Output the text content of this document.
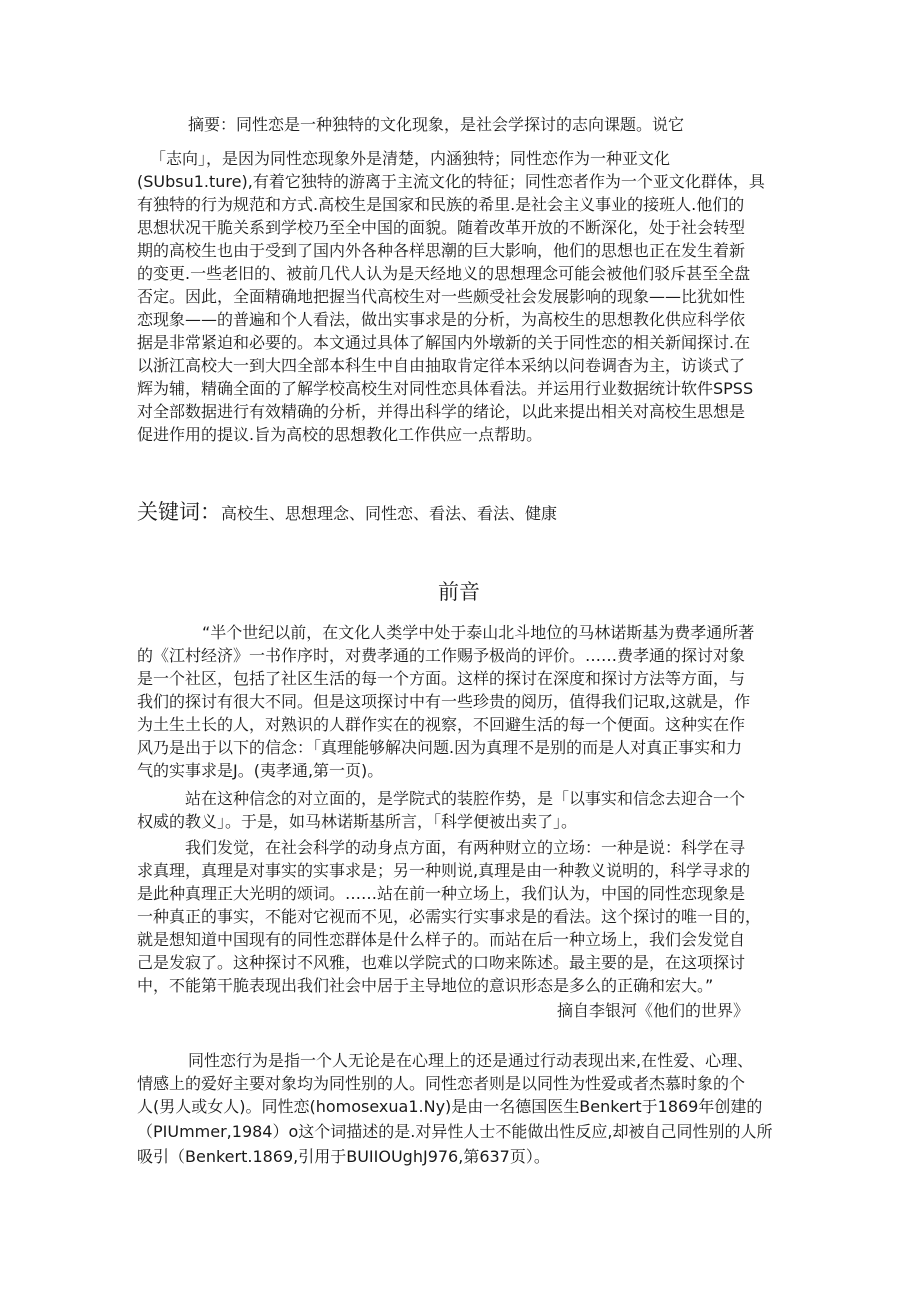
摘要：同性恋是一种独特的文化现象，是社会学探讨的志向课题。说它

「志向」，是因为同性恋现象外是清楚，内涵独特；同性恋作为一种亚文化

(SUbsu1.ture),有着它独特的游离于主流文化的特征；同性恋者作为一个亚文化群体，具

有独特的行为规范和方式.高校生是国家和民族的希里.是社会主义事业的接班人.他们的

思想状况干脆关系到学校乃至全中国的面貌。随着改革开放的不断深化，处于社会转型

期的高校生也由于受到了国内外各种各样思潮的巨大影响，他们的思想也正在发生着新

的变更.一些老旧的、被前几代人认为是天经地义的思想理念可能会被他们驳斥甚至全盘

否定。因此，全面精确地把握当代高校生对一些颇受社会发展影响的现象——比犹如性

恋现象——的普遍和个人看法，做出实事求是的分析，为高校生的思想教化供应科学依

据是非常紧迫和必要的。本文通过具体了解国内外墩新的关于同性恋的相关新闻探讨.在

以浙江高校大一到大四全部本科生中自由抽取肯定徉本采纳以问卷调杳为主，访谈式了

辉为辅，精确全面的了解学校高校生对同性恋具体看法。并运用行业数据统计软件SPSS

对全部数据进行有效精确的分析，并得出科学的绪论，以此来提出相关对高校生思想是

促进作用的提议.旨为高校的思想教化工作供应一点帮助。

关键词：高校生、思想理念、同性恋、看法、看法、健康
前音

“半个世纪以前，在文化人类学中处于泰山北斗地位的马林诺斯基为费孝通所著

的《江村经济》一书作序时，对费孝通的工作赐予极尚的评价。……费孝通的探讨对象

是一个社区，包括了社区生活的每一个方面。这样的探讨在深度和探讨方法等方面，与

我们的探讨有很大不同。但是这项探讨中有一些珍贵的阅历，值得我们记取,这就是，作

为土生土长的人，对熟识的人群作实在的视察，不回避生活的每一个便面。这种实在作

风乃是出于以下的信念：「真理能够解决问题.因为真理不是别的而是人对真正事实和力

气的实事求是J。(夷孝通,第一页)。

站在这种信念的对立面的，是学院式的装腔作势，是「以事实和信念去迎合一个

权威的教义」。于是，如马林诺斯基所言，「科学便被出卖了」。

我们发觉，在社会科学的动身点方面，有两种财立的立场：一种是说：科学在寻

求真理，真理是对事实的实事求是；另一种则说,真理是由一种教义说明的，科学寻求的

是此种真理正大光明的颂词。……站在前一种立场上，我们认为，中国的同性恋现象是

一种真正的事实，不能对它视而不见，必需实行实事求是的看法。这个探讨的唯一目的，

就是想知道中国现有的同性恋群体是什么样子的。而站在后一种立场上，我们会发觉自

己是发寂了。这种探讨不风雅，也难以学院式的口吻来陈述。最主要的是，在这项探讨

中，不能第干脆表现出我们社会中居于主导地位的意识形态是多么的正确和宏大。”

摘自李银河《他们的世界》

同性恋行为是指一个人无论是在心理上的还是通过行动表现出来,在性爱、心理、

情感上的爱好主要对象均为同性别的人。同性恋者则是以同性为性爱或者杰慕时象的个

人(男人或女人)。同性恋(homosexua1.Ny)是由一名德国医生Benkert于1869年创建的

（PIUmmer,1984）o这个词描述的是.对异性人士不能做出性反应,却被自己同性别的人所

吸引（Benkert.1869,引用于BUIIOUghJ976,第637页）。
